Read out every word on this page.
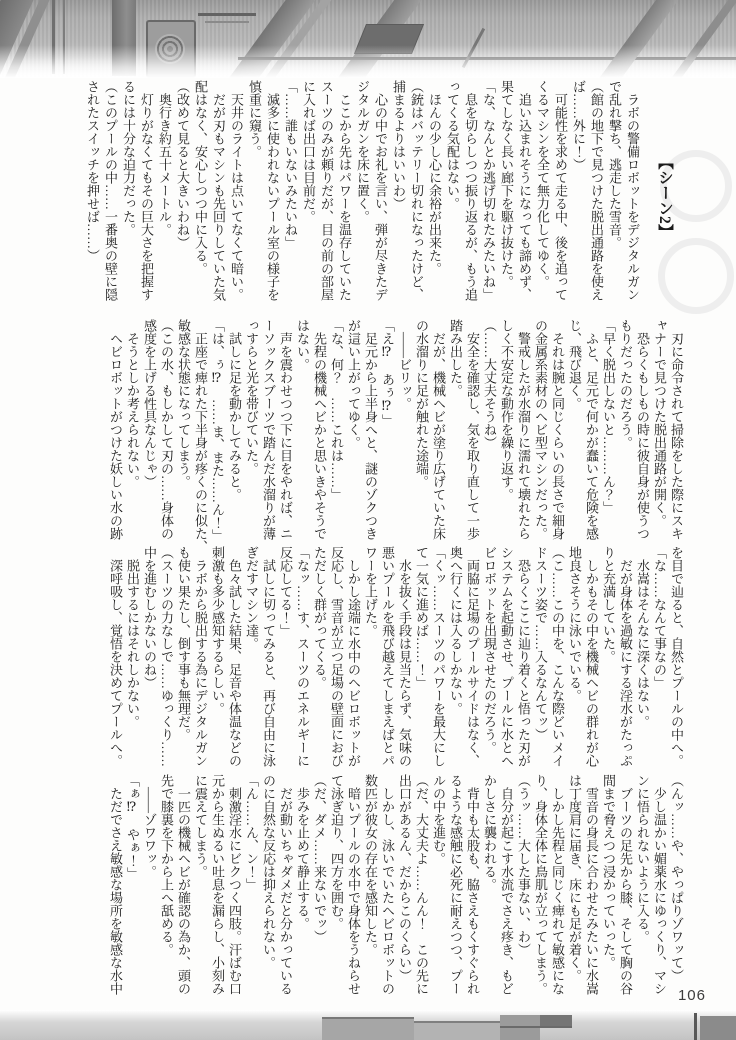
【シーン2】

　ラボの警備ロボットをデジタルガン

で乱れ撃ち、逃走した雪音。

（館の地下で見つけた脱出通路を使え

ば……外に！）

　可能性を求めて走る中、後を追って

くるマシンを全て無力化してゆく。

　追い込まれそうになっても諦めず、

果てしなく長い廊下を駆け抜けた。

「な、なんとか逃げ切れたみたいね」

　息を切らしつつ振り返るが、もう追

ってくる気配はない。

　ほんの少し心に余裕が出来た。

（銃はバッテリー切れになったけど、

捕まるよりはいいわ）

　心の中でお礼を言い、弾が尽きたデ

ジタルガンを床に置く。

　ここから先はパワーを温存していた

スーツのみが頼りだが、目の前の部屋

に入れば出口は目前だ。

「……誰もいないみたいね」

　滅多に使われないプール室の様子を

慎重に窺う。

　天井のライトは点いてなくて暗い。

　だが刃もマシンも先回りしていた気

配はなく、安心しつつ中に入る。

（改めて見ると大きいわね）

　奥行き約五十メートル。

　灯りがなくてもその巨大さを把握す

るには十分な迫力だった。

（このプールの中……一番奥の壁に隠

されたスイッチを押せば……）

　刃に命令されて掃除をした際にスキ

ャナーで見つけた脱出通路が開く。

　恐らくもしもの時に彼自身が使うつ

もりだったのだろう。

「早く脱出しないと………ん？」

　ふと、足元で何かが蠢いて危険を感

じ、飛び退く。

　それは腕と同じくらいの長さで細身

の金属系素材のヘビ型マシンだった。

　警戒したが水溜りに濡れて壊れたら

しく不安定な動作を繰り返す。

（……大丈夫そうね）

　安全を確認し、気を取り直して一歩

踏み出した。

　だが、機械ヘビが塗り広げていた床

の水溜りに足が触れた途端。

　――ビリッ。

「え⁉　あぅ⁉」

　足元から上半身へと、謎のゾクつき

が這い上がってゆく。

「な、何？　……これは……」

　先程の機械ヘビかと思いきやそうで

はない。

　声を震わせつつ下に目をやれば、ニ

ーソックスブーツで踏んだ水溜りが薄

っすらと光を帯びていた。

　試しに足を動かしてみると。

「は、ぅ⁉　……ま、また……ん！」

　正座で痺れた下半身が疼くのに似た、

敏感な状態になってしまう。

（この水、もしかして刃の……身体の

感度を上げる性具なんじゃ）

　そうとしか考えられない。

　ヘビロボットがつけた妖しい水の跡

を目で辿ると、自然とプールの中へ。

「な……なんて事なの」

　水嵩はそんなに深くはない。

　だが身体を過敏にする淫水がたっぷ

りと充満していた。

　しかもその中を機械ヘビの群れが心

地良さそうに泳いでいる。

（こ……この中を、こんな際どいメイ

ドスーツ姿で……入るなんてッ）

　恐らくここに辿り着くと悟った刃が

システムを起動させ、プールに水とヘ

ビロボットを出現させたのだろう。

　両脇に足場のプールサイドはなく、

奥へ行くには入るしかない。

「くッ……スーツのパワーを最大にし

て一気に進めば……！」

　水を抜く手段は見当たらず、気味の

悪いプールを飛び越えてしまえばとパ

ワーを上げた。

　しかし途端に水中のヘビロボットが

反応し、雪音が立つ足場の壁面におび

ただしく群がってくる。

「なッ……す、スーツのエネルギーに

反応してる！」

　試しに切ってみると、再び自由に泳

ぎだすマシン達。

　色々試した結果、足音や体温などの

刺激も多少感知するらしい。

　ラボから脱出する為にデジタルガン

も使い果たし、倒す事も無理だ。

（スーツの力なしで……ゆっくり……

中を進むしかないのね）

　脱出するにはそれしかない。

　深呼吸し、覚悟を決めてプールへ。

（んッ……や、やっぱりゾワッて）

　少し温かい媚薬水にゆっくり、マシ

ンに悟られないように入る。

　ブーツの足先から膝、そして胸の谷

間まで脅えつつ浸かっていった。

　雪音の身長に合わせたみたいに水嵩

は丁度肩に届き、床にも足が着く。

　しかし先程と同じく痺れて敏感にな

り、身体全体に鳥肌が立ってしまう。

（うッ……大した事ない、わ）

　自分が起こす水流でさえ疼き、もど

かしさに襲われる。

　背中も太股も、脇さえもくすぐられ

るような感触に必死に耐えつつ、プー

ルの中を進む。

（だ、大丈夫よ……んん！　この先に

出口があるん、だからこのくらい）

　しかし、泳いでいたヘビロボットの

数匹が彼女の存在を感知した。

　暗いプールの水中で身体をうねらせ

て泳ぎ迫り、四方を囲む。

（だ、ダメ……来ないでッ）

　歩みを止めて静止する。

　だが動いちゃダメだと分かっている

のに自然な反応は抑えられない。

「ん……ん、ン！」

　刺激淫水にビクつく四肢。汗ばむ口

元から生ぬるい吐息を漏らし、小刻み

に震えてしまう。

　一匹の機械ヘビが確認の為か、頭の

先で膝裏を下から上へ舐める。

　――ゾワワッ。

「ぁ⁉　やぁ！」

　ただでさえ敏感な場所を敏感な水中

106
